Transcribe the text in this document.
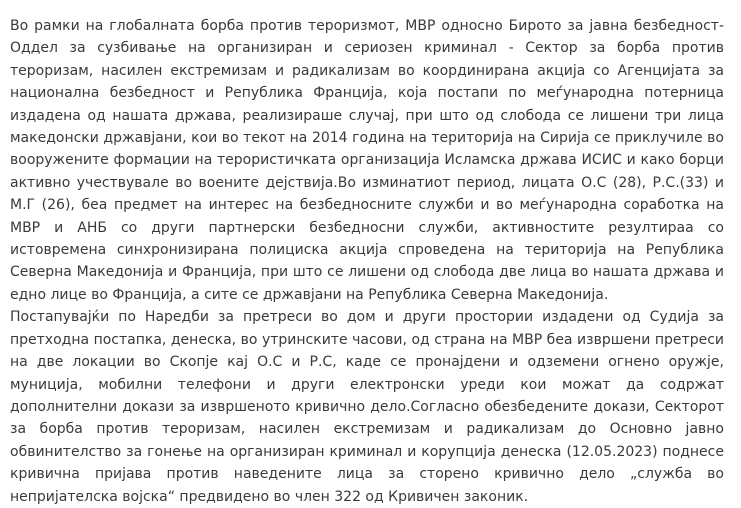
Во рамки на глобалната борба против тероризмот, МВР односно Бирото за јавна безбедност- Оддел за сузбивање на организиран и сериозен криминал - Сектор за борба против тероризам, насилен екстремизам и радикализам во координирана акција со Агенцијата за национална безбедност и Република Франција, која постапи по меѓународна потерница издадена од нашата држава, реализираше случај, при што од слобода се лишени три лица македонски државјани, кои во текот на 2014 година на територија на Сирија се приклучиле во вооружените формации на терористичката организација Исламска држава ИСИС и како борци активно учествувале во воените дејствија.Во изминатиот период, лицата О.С (28), Р.С.(33) и М.Г (26), беа предмет на интерес на безбедносните служби и во меѓународна соработка на МВР и АНБ со други партнерски безбедносни служби, активностите резултираа со истовремена синхронизирана полициска акција спроведена на територија на Република Северна Македонија и Франција, при што се лишени од слобода две лица во нашата држава и едно лице во Франција, а сите се државјани на Република Северна Македонија.

Постапувајќи по Наредби за претреси во дом и други простории издадени од Судија за претходна постапка, денеска, во утринските часови, од страна на МВР беа извршени претреси на две локации во Скопје кај О.С и Р.С, каде се пронајдени и одземени огнено оружје, муниција, мобилни телефони и други електронски уреди кои можат да содржат дополнителни докази за извршеното кривично дело.Согласно обезбедените докази, Секторот за борба против тероризам, насилен екстремизам и радикализам до Основно јавно обвинителство за гонење на организиран криминал и корупција денеска (12.05.2023) поднесе кривична пријава против наведените лица за сторено кривично дело „служба во непријателска војска“ предвидено во член 322 од Кривичен законик.
